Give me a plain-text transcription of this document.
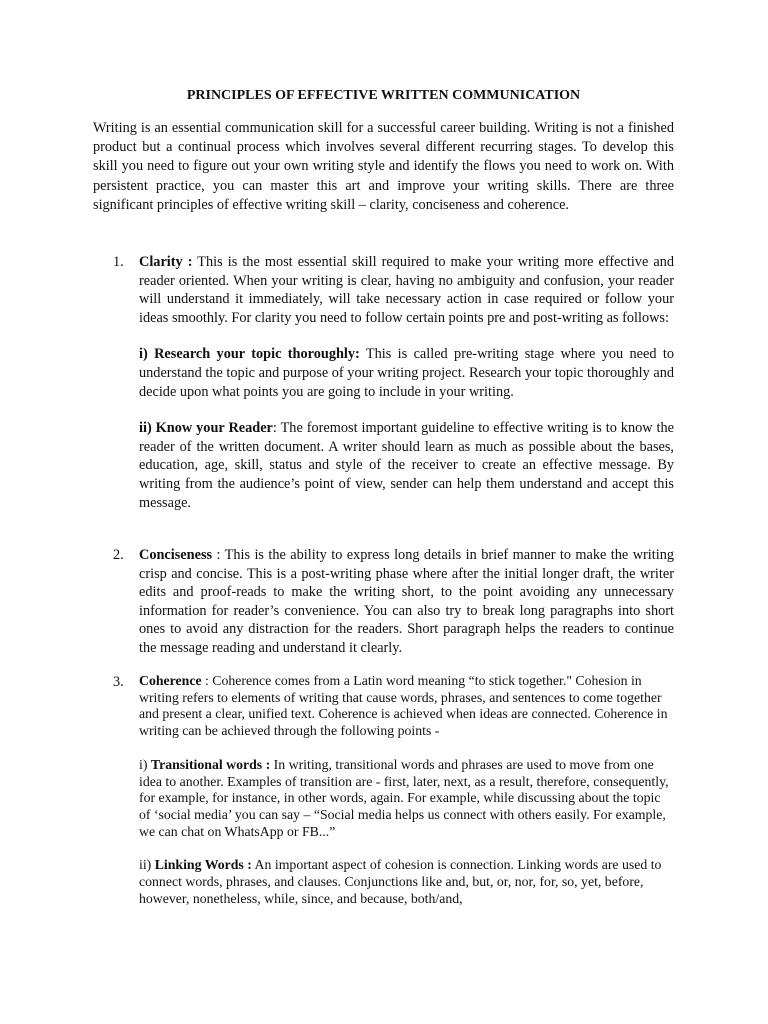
PRINCIPLES OF EFFECTIVE WRITTEN COMMUNICATION

Writing is an essential communication skill for a successful career building. Writing is not a finished product but a continual process which involves several different recurring stages. To develop this skill you need to figure out your own writing style and identify the flows you need to work on. With persistent practice, you can master this art and improve your writing skills. There are three significant principles of effective writing skill – clarity, conciseness and coherence.

1. Clarity : This is the most essential skill required to make your writing more effective and reader oriented. When your writing is clear, having no ambiguity and confusion, your reader will understand it immediately, will take necessary action in case required or follow your ideas smoothly. For clarity you need to follow certain points pre and post-writing as follows:

i) Research your topic thoroughly: This is called pre-writing stage where you need to understand the topic and purpose of your writing project. Research your topic thoroughly and decide upon what points you are going to include in your writing.

ii) Know your Reader: The foremost important guideline to effective writing is to know the reader of the written document. A writer should learn as much as possible about the bases, education, age, skill, status and style of the receiver to create an effective message. By writing from the audience’s point of view, sender can help them understand and accept this message.

2. Conciseness : This is the ability to express long details in brief manner to make the writing crisp and concise. This is a post-writing phase where after the initial longer draft, the writer edits and proof-reads to make the writing short, to the point avoiding any unnecessary information for reader’s convenience. You can also try to break long paragraphs into short ones to avoid any distraction for the readers. Short paragraph helps the readers to continue the message reading and understand it clearly.

3. Coherence : Coherence comes from a Latin word meaning “to stick together." Cohesion in writing refers to elements of writing that cause words, phrases, and sentences to come together and present a clear, unified text. Coherence is achieved when ideas are connected. Coherence in writing can be achieved through the following points -

i) Transitional words : In writing, transitional words and phrases are used to move from one idea to another. Examples of transition are - first, later, next, as a result, therefore, consequently, for example, for instance, in other words, again. For example, while discussing about the topic of ‘social media’ you can say – “Social media helps us connect with others easily. For example, we can chat on WhatsApp or FB...”

ii) Linking Words : An important aspect of cohesion is connection. Linking words are used to connect words, phrases, and clauses. Conjunctions like and, but, or, nor, for, so, yet, before, however, nonetheless, while, since, and because, both/and,
